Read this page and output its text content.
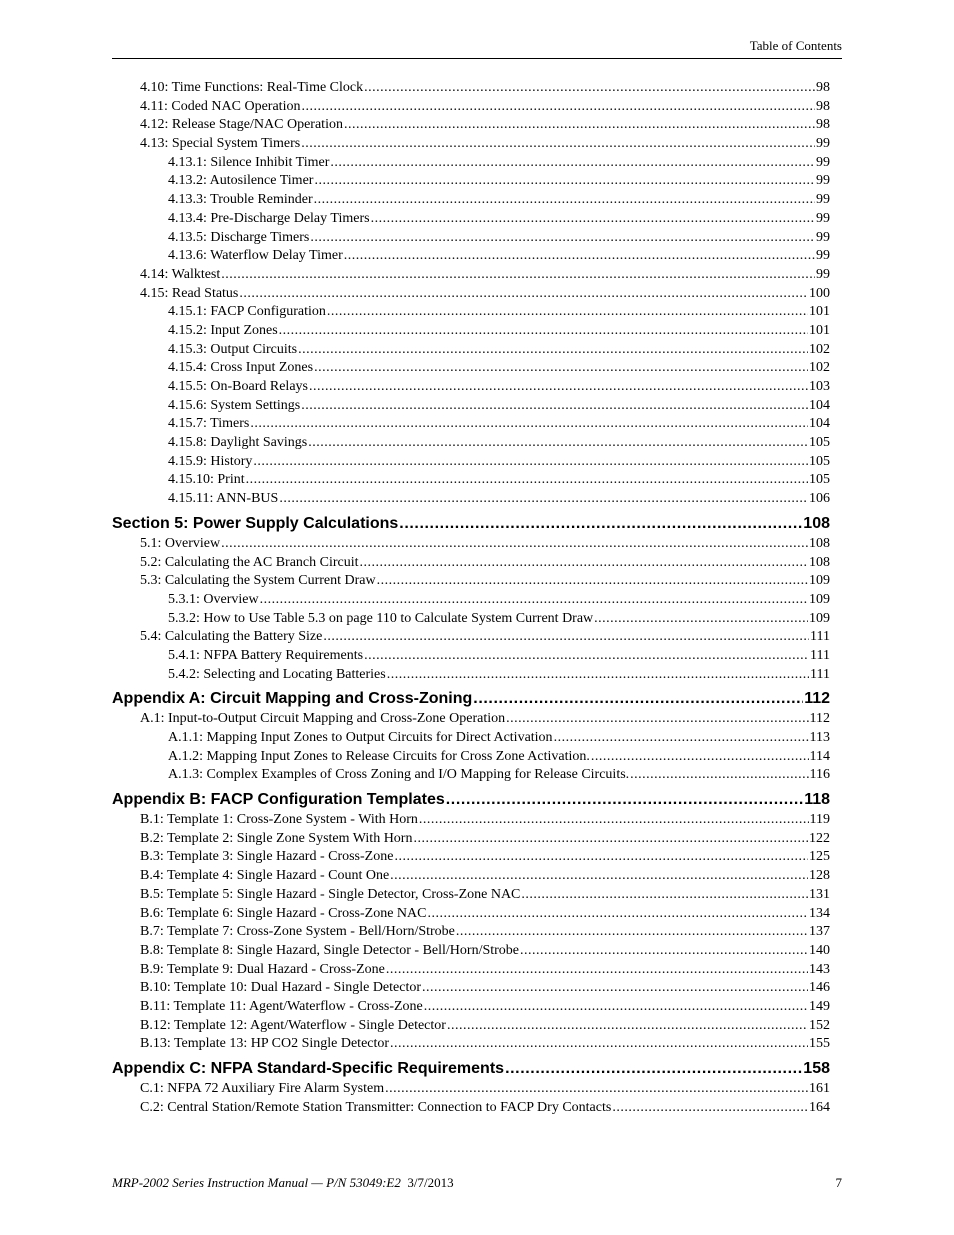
Table of Contents
4.10: Time Functions: Real-Time Clock .....	98
4.11: Coded NAC Operation .....	98
4.12: Release Stage/NAC Operation .....	98
4.13: Special System Timers .....	99
4.13.1: Silence Inhibit Timer .....	99
4.13.2: Autosilence Timer .....	99
4.13.3: Trouble Reminder .....	99
4.13.4: Pre-Discharge Delay Timers .....	99
4.13.5: Discharge Timers .....	99
4.13.6: Waterflow Delay Timer .....	99
4.14: Walktest .....	99
4.15: Read Status .....	100
4.15.1: FACP Configuration .....	101
4.15.2: Input Zones .....	101
4.15.3: Output Circuits .....	102
4.15.4: Cross Input Zones .....	102
4.15.5: On-Board Relays .....	103
4.15.6: System Settings .....	104
4.15.7: Timers .....	104
4.15.8: Daylight Savings .....	105
4.15.9: History .....	105
4.15.10: Print .....	105
4.15.11: ANN-BUS .....	106
Section 5: Power Supply Calculations .....	108
5.1: Overview .....	108
5.2: Calculating the AC Branch Circuit .....	108
5.3: Calculating the System Current Draw .....	109
5.3.1: Overview .....	109
5.3.2: How to Use Table 5.3 on page 110 to Calculate System Current Draw .....	109
5.4: Calculating the Battery Size .....	111
5.4.1: NFPA Battery Requirements .....	111
5.4.2: Selecting and Locating Batteries .....	111
Appendix A: Circuit Mapping and Cross-Zoning .....	112
A.1: Input-to-Output Circuit Mapping and Cross-Zone Operation .....	112
A.1.1: Mapping Input Zones to Output Circuits for Direct Activation .....	113
A.1.2: Mapping Input Zones to Release Circuits for Cross Zone Activation. .....	114
A.1.3: Complex Examples of Cross Zoning and I/O Mapping for Release Circuits. .....	116
Appendix B: FACP Configuration Templates .....	118
B.1: Template 1: Cross-Zone System - With Horn .....	119
B.2: Template 2: Single Zone System With Horn .....	122
B.3: Template 3: Single Hazard - Cross-Zone .....	125
B.4: Template 4: Single Hazard - Count One .....	128
B.5: Template 5: Single Hazard - Single Detector, Cross-Zone NAC .....	131
B.6: Template 6: Single Hazard - Cross-Zone NAC .....	134
B.7: Template 7: Cross-Zone System - Bell/Horn/Strobe .....	137
B.8: Template 8: Single Hazard, Single Detector - Bell/Horn/Strobe .....	140
B.9: Template 9: Dual Hazard - Cross-Zone .....	143
B.10: Template 10: Dual Hazard - Single Detector .....	146
B.11: Template 11: Agent/Waterflow - Cross-Zone .....	149
B.12: Template 12: Agent/Waterflow - Single Detector .....	152
B.13: Template 13: HP CO2 Single Detector .....	155
Appendix C: NFPA Standard-Specific Requirements .....	158
C.1: NFPA 72 Auxiliary Fire Alarm System .....	161
C.2: Central Station/Remote Station Transmitter: Connection to FACP Dry Contacts .....	164
MRP-2002 Series Instruction Manual — P/N 53049:E2 3/7/2013	7
